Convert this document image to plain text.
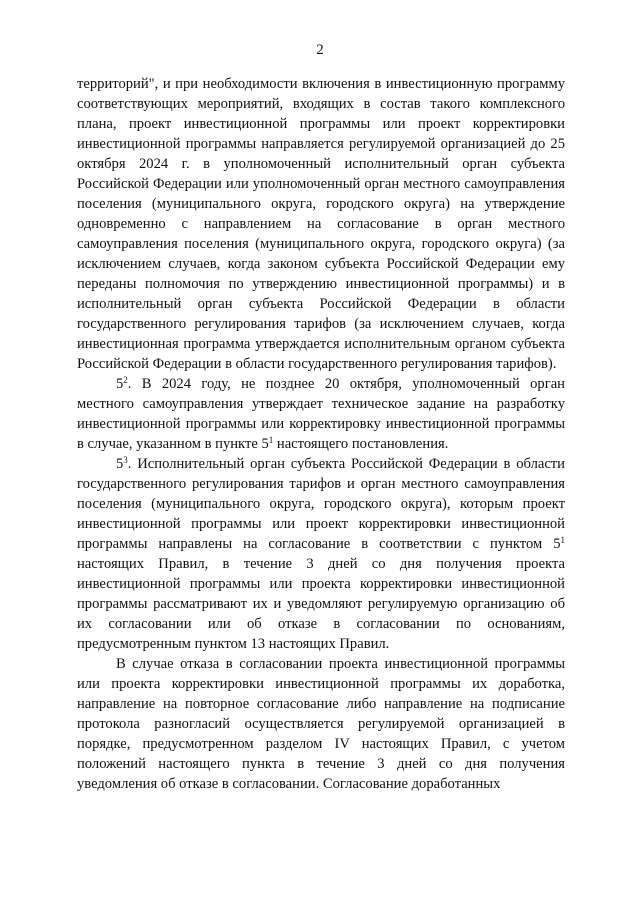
2

территорий", и при необходимости включения в инвестиционную программу соответствующих мероприятий, входящих в состав такого комплексного плана, проект инвестиционной программы или проект корректировки инвестиционной программы направляется регулируемой организацией до 25 октября 2024 г. в уполномоченный исполнительный орган субъекта Российской Федерации или уполномоченный орган местного самоуправления поселения (муниципального округа, городского округа) на утверждение одновременно с направлением на согласование в орган местного самоуправления поселения (муниципального округа, городского округа) (за исключением случаев, когда законом субъекта Российской Федерации ему переданы полномочия по утверждению инвестиционной программы) и в исполнительный орган субъекта Российской Федерации в области государственного регулирования тарифов (за исключением случаев, когда инвестиционная программа утверждается исполнительным органом субъекта Российской Федерации в области государственного регулирования тарифов).

$5^2$. В 2024 году, не позднее 20 октября, уполномоченный орган местного самоуправления утверждает техническое задание на разработку инвестиционной программы или корректировку инвестиционной программы в случае, указанном в пункте $5^1$ настоящего постановления.

$5^3$. Исполнительный орган субъекта Российской Федерации в области государственного регулирования тарифов и орган местного самоуправления поселения (муниципального округа, городского округа), которым проект инвестиционной программы или проект корректировки инвестиционной программы направлены на согласование в соответствии с пунктом $5^1$ настоящих Правил, в течение 3 дней со дня получения проекта инвестиционной программы или проекта корректировки инвестиционной программы рассматривают их и уведомляют регулируемую организацию об их согласовании или об отказе в согласовании по основаниям, предусмотренным пунктом 13 настоящих Правил.

В случае отказа в согласовании проекта инвестиционной программы или проекта корректировки инвестиционной программы их доработка, направление на повторное согласование либо направление на подписание протокола разногласий осуществляется регулируемой организацией в порядке, предусмотренном разделом IV настоящих Правил, с учетом положений настоящего пункта в течение 3 дней со дня получения уведомления об отказе в согласовании. Согласование доработанных
